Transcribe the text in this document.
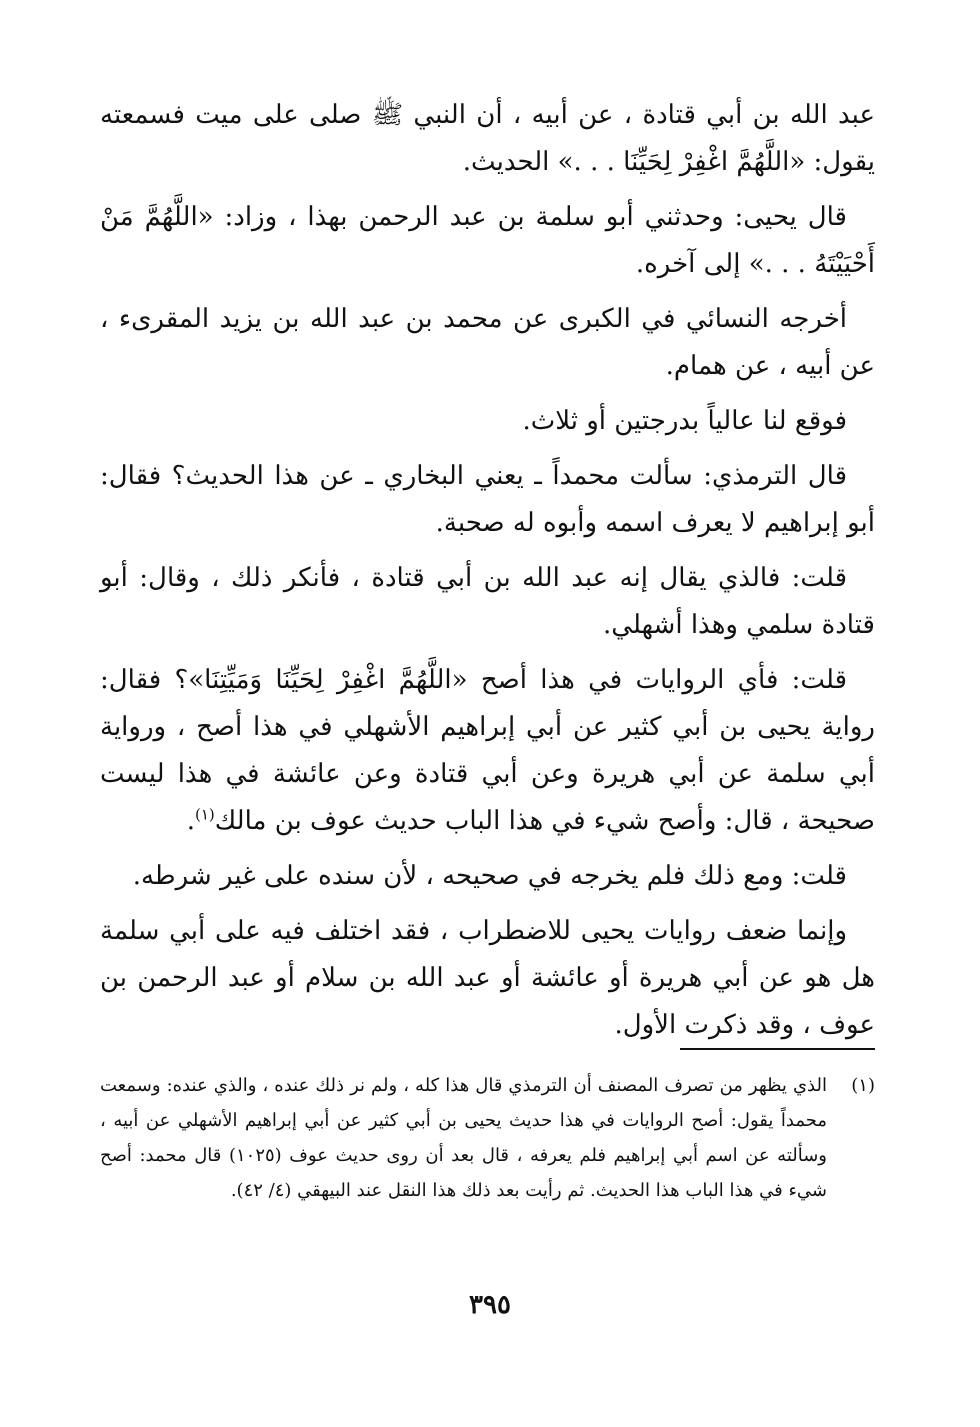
عبد الله بن أبي قتادة ، عن أبيه ، أن النبي ﷺ صلى على ميت فسمعته يقول: «اللَّهُمَّ اغْفِرْ لِحَيِّنَا . . .» الحديث.

قال يحيى: وحدثني أبو سلمة بن عبد الرحمن بهذا ، وزاد: «اللَّهُمَّ مَنْ أَحْيَيْتَهُ . . .» إلى آخره.

أخرجه النسائي في الكبرى عن محمد بن عبد الله بن يزيد المقرىء ، عن أبيه ، عن همام.

فوقع لنا عالياً بدرجتين أو ثلاث.

قال الترمذي: سألت محمداً ـ يعني البخاري ـ عن هذا الحديث؟ فقال: أبو إبراهيم لا يعرف اسمه وأبوه له صحبة.

قلت: فالذي يقال إنه عبد الله بن أبي قتادة ، فأنكر ذلك ، وقال: أبو قتادة سلمي وهذا أشهلي.

قلت: فأي الروايات في هذا أصح «اللَّهُمَّ اغْفِرْ لِحَيِّنَا وَمَيِّتِنَا»؟ فقال: رواية يحيى بن أبي كثير عن أبي إبراهيم الأشهلي في هذا أصح ، ورواية أبي سلمة عن أبي هريرة وعن أبي قتادة وعن عائشة في هذا ليست صحيحة ، قال: وأصح شيء في هذا الباب حديث عوف بن مالك$^{(١)}$.

قلت: ومع ذلك فلم يخرجه في صحيحه ، لأن سنده على غير شرطه.

وإنما ضعف روايات يحيى للاضطراب ، فقد اختلف فيه على أبي سلمة هل هو عن أبي هريرة أو عائشة أو عبد الله بن سلام أو عبد الرحمن بن عوف ، وقد ذكرت الأول.

(١)
الذي يظهر من تصرف المصنف أن الترمذي قال هذا كله ، ولم نر ذلك عنده ، والذي عنده: وسمعت محمداً يقول: أصح الروايات في هذا حديث يحيى بن أبي كثير عن أبي إبراهيم الأشهلي عن أبيه ، وسألته عن اسم أبي إبراهيم فلم يعرفه ، قال بعد أن روى حديث عوف (١٠٢٥) قال محمد: أصح شيء في هذا الباب هذا الحديث. ثم رأيت بعد ذلك هذا النقل عند البيهقي (٤/ ٤٢).
٣٩٥
